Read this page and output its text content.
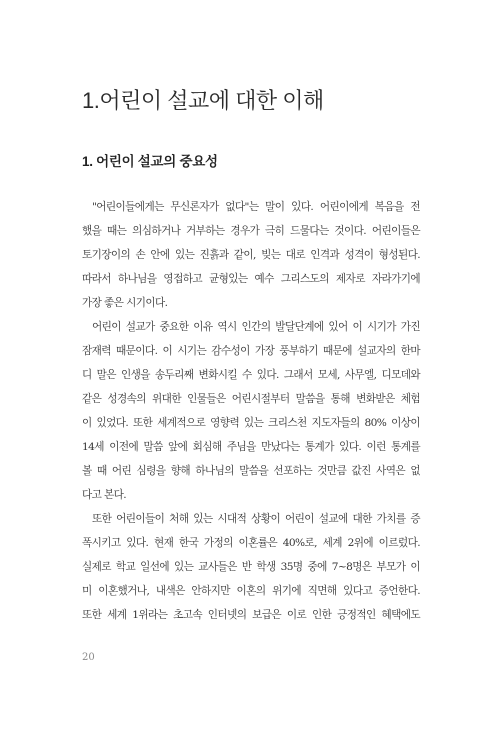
1.어린이 설교에 대한 이해
1. 어린이 설교의 중요성
"어린이들에게는 무신론자가 없다"는 말이 있다. 어린이에게 복음을 전
했을 때는 의심하거나 거부하는 경우가 극히 드물다는 것이다. 어린이들은
토기장이의 손 안에 있는 진흙과 같이, 빚는 대로 인격과 성격이 형성된다.
따라서 하나님을 영접하고 균형있는 예수 그리스도의 제자로 자라가기에
가장 좋은 시기이다.
어린이 설교가 중요한 이유 역시 인간의 발달단계에 있어 이 시기가 가진
잠재력 때문이다. 이 시기는 감수성이 가장 풍부하기 때문에 설교자의 한마
디 말은 인생을 송두리째 변화시킬 수 있다. 그래서 모세, 사무엘, 디모데와
같은 성경속의 위대한 인물들은 어린시절부터 말씀을 통해 변화받은 체험
이 있었다. 또한 세계적으로 영향력 있는 크리스천 지도자들의 80% 이상이
14세 이전에 말씀 앞에 회심해 주님을 만났다는 통계가 있다. 이런 통계를
볼 때 어린 심령을 향해 하나님의 말씀을 선포하는 것만큼 값진 사역은 없
다고 본다.
또한 어린이들이 처해 있는 시대적 상황이 어린이 설교에 대한 가치를 증
폭시키고 있다. 현재 한국 가정의 이혼률은 40%로, 세계 2위에 이르렀다.
실제로 학교 일선에 있는 교사들은 반 학생 35명 중에 7~8명은 부모가 이
미 이혼했거나, 내색은 안하지만 이혼의 위기에 직면해 있다고 증언한다.
또한 세계 1위라는 초고속 인터넷의 보급은 이로 인한 긍정적인 혜택에도

20
